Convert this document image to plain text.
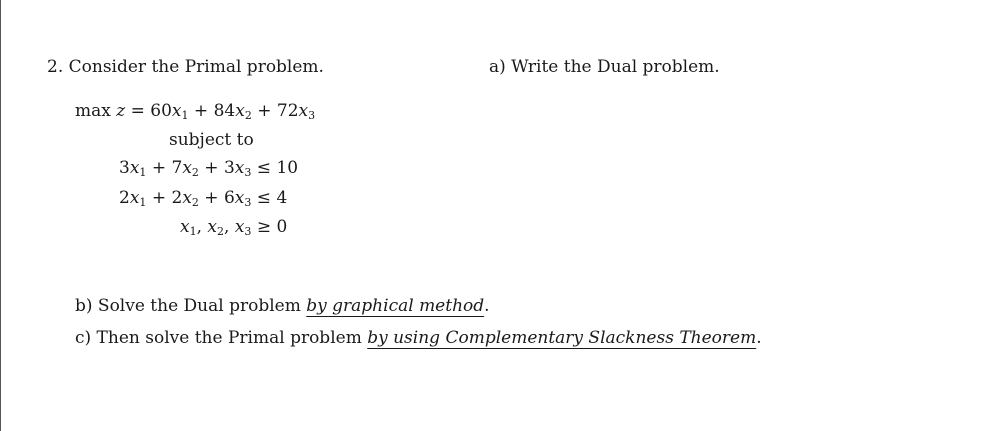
2. Consider the Primal problem.	a) Write the Dual problem.
$\max z = 60x_1 + 84x_2 + 72x_3$
subject to
$3x_1 + 7x_2 + 3x_3 \le 10$
$2x_1 + 2x_2 + 6x_3 \le 4$
$x_1$, $x_2$, $x_3 \ge 0$
b) Solve the Dual problem by graphical method.
c) Then solve the Primal problem by using Complementary Slackness Theorem.
